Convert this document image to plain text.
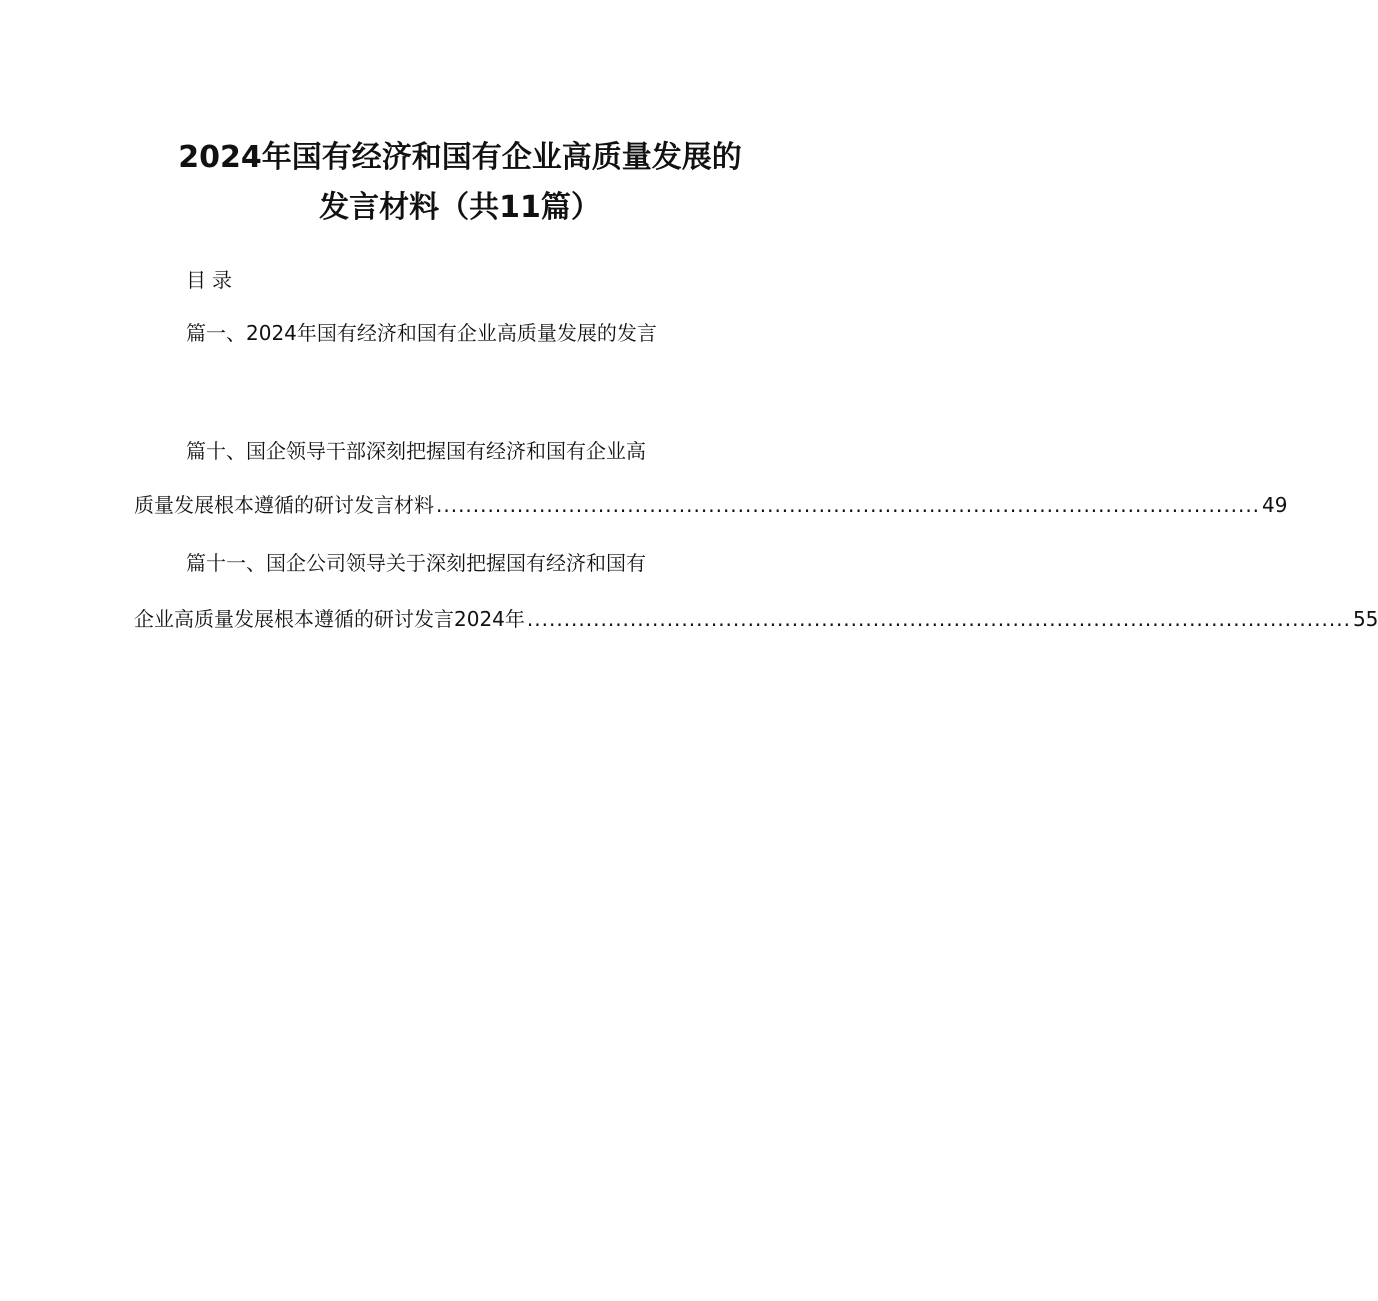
2024年国有经济和国有企业高质量发展的
发言材料（共11篇）
目录
篇一、2024年国有经济和国有企业高质量发展的发言
篇十、国企领导干部深刻把握国有经济和国有企业高
质量发展根本遵循的研讨发言材料 ................................................................................................................ 49
篇十一、国企公司领导关于深刻把握国有经济和国有
企业高质量发展根本遵循的研讨发言2024年 ................................................................................................................ 55
